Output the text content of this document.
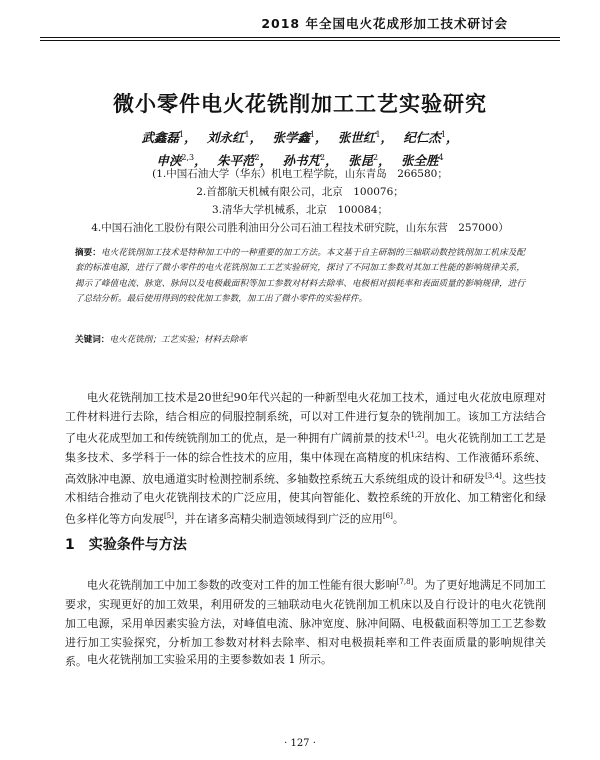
2018 年全国电火花成形加工技术研讨会
微小零件电火花铣削加工工艺实验研究
武鑫磊$^1$， 刘永红$^1$， 张学鑫$^1$， 张世红$^1$， 纪仁杰$^1$，
申浃$^{2,3}$， 朱平范$^2$， 孙书芃$^2$， 张昆$^2$， 张全胜$^4$
(1.中国石油大学（华东）机电工程学院，山东青岛　266580；
2.首都航天机械有限公司，北京　100076；
3.清华大学机械系，北京　100084；
4.中国石油化工股份有限公司胜利油田分公司石油工程技术研究院，山东东营　257000）
摘要：电火花铣削加工技术是特种加工中的一种重要的加工方法。本文基于自主研制的三轴联动数控铣削加工机床及配套的标准电源，进行了微小零件的电火花铣削加工工艺实验研究，探讨了不同加工参数对其加工性能的影响规律关系，揭示了峰值电流、脉宽、脉间以及电极截面积等加工参数对材料去除率、电极相对损耗率和表面质量的影响规律，进行了总结分析。最后使用得到的较优加工参数，加工出了微小零件的实验样件。
关键词：电火花铣削；工艺实验；材料去除率
电火花铣削加工技术是20世纪90年代兴起的一种新型电火花加工技术，通过电火花放电原理对工件材料进行去除，结合相应的伺服控制系统，可以对工件进行复杂的铣削加工。该加工方法结合了电火花成型加工和传统铣削加工的优点，是一种拥有广阔前景的技术[1,2]。电火花铣削加工工艺是集多技术、多学科于一体的综合性技术的应用，集中体现在高精度的机床结构、工作液循环系统、高效脉冲电源、放电通道实时检测控制系统、多轴数控系统五大系统组成的设计和研发[3,4]。这些技术相结合推动了电火花铣削技术的广泛应用，使其向智能化、数控系统的开放化、加工精密化和绿色多样化等方向发展[5]，并在诸多高精尖制造领域得到广泛的应用[6]。
1 实验条件与方法
电火花铣削加工中加工参数的改变对工件的加工性能有很大影响[7,8]。为了更好地满足不同加工要求，实现更好的加工效果，利用研发的三轴联动电火花铣削加工机床以及自行设计的电火花铣削加工电源，采用单因素实验方法，对峰值电流、脉冲宽度、脉冲间隔、电极截面积等加工工艺参数进行加工实验探究，分析加工参数对材料去除率、相对电极损耗率和工件表面质量的影响规律关系。 电火花铣削加工实验采用的主要参数如表 1 所示。
· 127 ·
